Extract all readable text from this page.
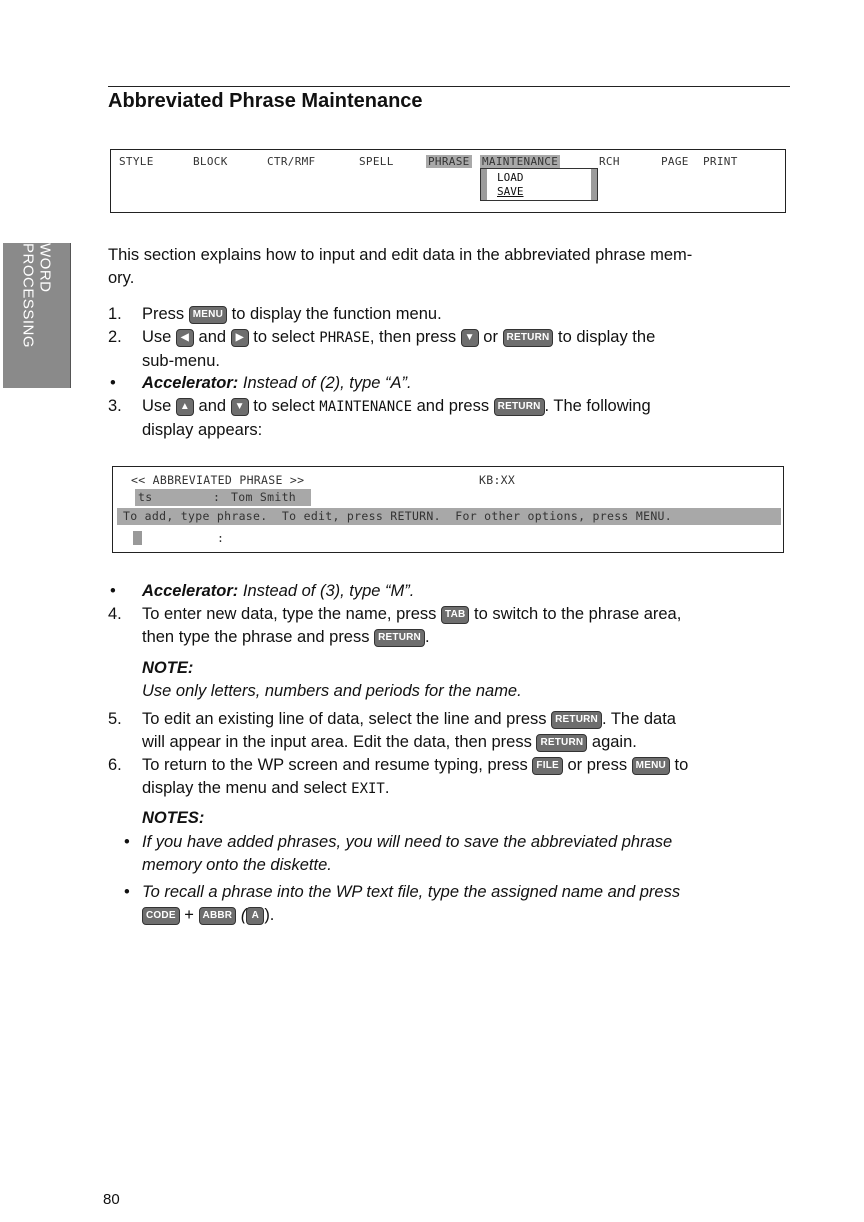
Abbreviated Phrase Maintenance
WORD PROCESSING
STYLE	BLOCK	CTR/RMF	SPELL	PHRASE MAINTENANCE	RCH	PAGE PRINT
LOAD
SAVE

This section explains how to input and edit data in the abbreviated phrase mem-
ory.

1. Press MENU to display the function menu.

2. Use ◀ and ▶ to select PHRASE, then press ▼ or RETURN to display the
sub-menu.

• Accelerator: Instead of (2), type “A”.

3. Use ▲ and ▼ to select MAINTENANCE and press RETURN . The following
display appears:

<< ABBREVIATED PHRASE >>	KB:XX
ts	: Tom Smith
To add, type phrase.  To edit, press RETURN.  For other options, press MENU.
:
• Accelerator: Instead of (3), type “M”.

4. To enter new data, type the name, press TAB to switch to the phrase area,
then type the phrase and press RETURN .

NOTE:
Use only letters, numbers and periods for the name.

5. To edit an existing line of data, select the line and press RETURN . The data
will appear in the input area. Edit the data, then press RETURN again.

6. To return to the WP screen and resume typing, press FILE or press MENU to
display the menu and select EXIT.

NOTES:

• If you have added phrases, you will need to save the abbreviated phrase
memory onto the diskette.

• To recall a phrase into the WP text file, type the assigned name and press
CODE + ABBR ( A ).

80
